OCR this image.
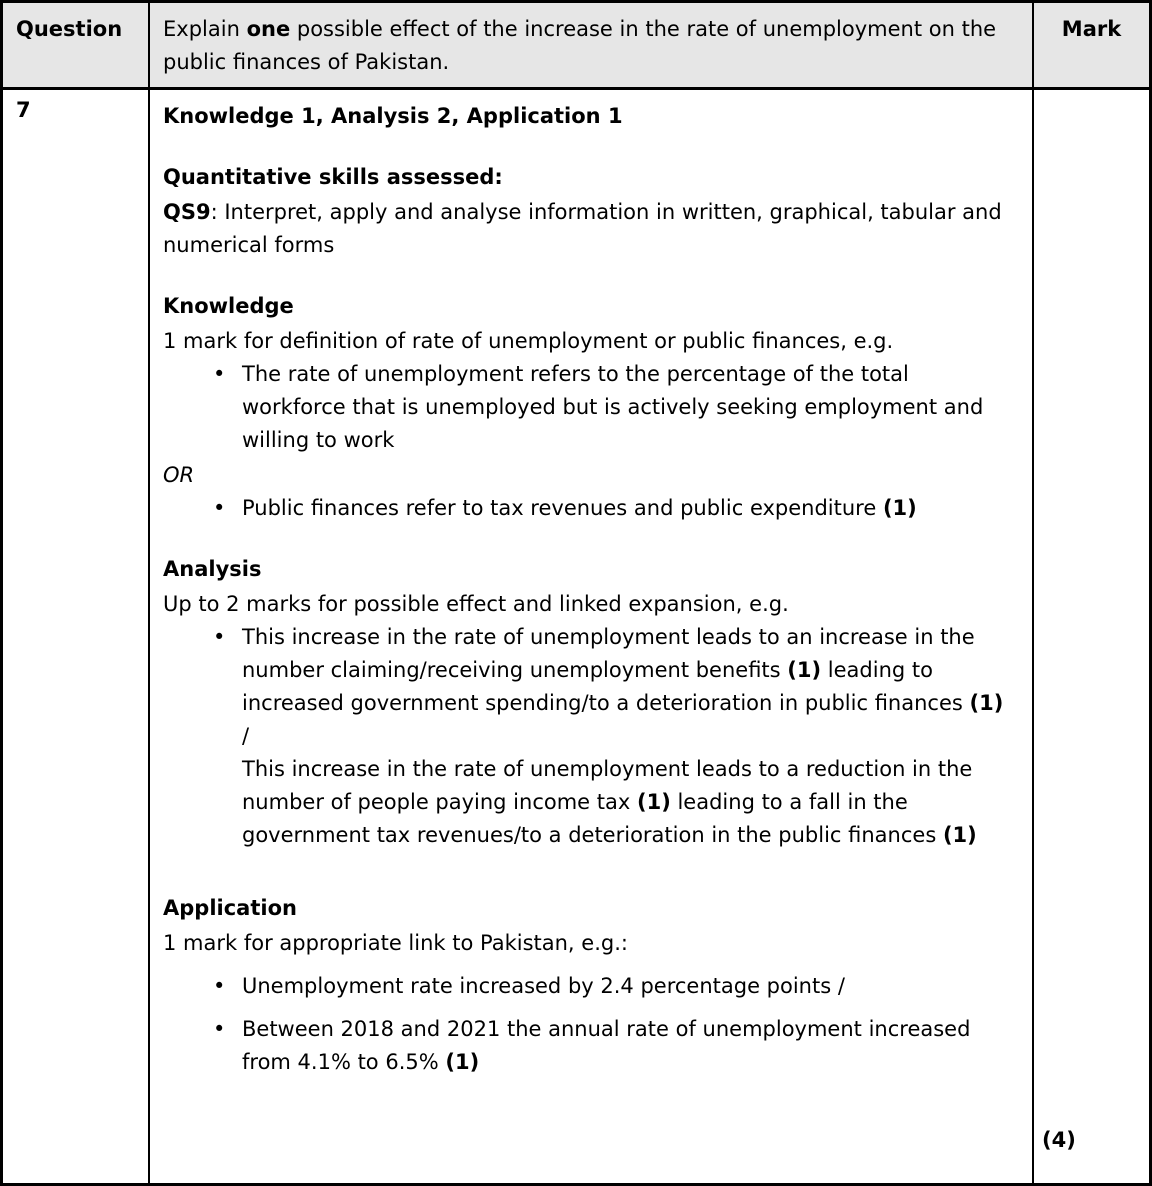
Question	Explain one possible effect of the increase in the rate of unemployment on the public finances of Pakistan.
Mark
7	Knowledge 1, Analysis 2, Application 1
Quantitative skills assessed:
QS9: Interpret, apply and analyse information in written, graphical, tabular and numerical forms
Knowledge
1 mark for definition of rate of unemployment or public finances, e.g.
• The rate of unemployment refers to the percentage of the total workforce that is unemployed but is actively seeking employment and willing to work
OR
• Public finances refer to tax revenues and public expenditure (1)
Analysis
Up to 2 marks for possible effect and linked expansion, e.g.
• This increase in the rate of unemployment leads to an increase in the number claiming/receiving unemployment benefits (1) leading to increased government spending/to a deterioration in public finances (1)
/
This increase in the rate of unemployment leads to a reduction in the number of people paying income tax (1) leading to a fall in the government tax revenues/to a deterioration in the public finances (1)
Application
1 mark for appropriate link to Pakistan, e.g.:
• Unemployment rate increased by 2.4 percentage points /
• Between 2018 and 2021 the annual rate of unemployment increased from 4.1% to 6.5% (1)
(4)
